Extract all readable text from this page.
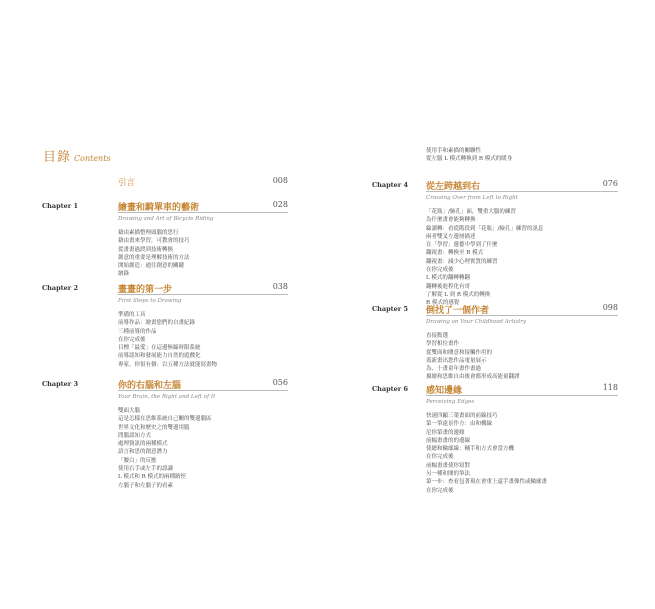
目錄 Contents
引言	008
使用手和素描的關聯性
從左腦 L 模式轉換到 R 模式的暖身
Chapter 1	繪畫和騎單車的藝術	028
Drawing and Art of Bicycle Riding
藉由素描整理頭腦的思行
藉由畫來學習，可教會的技巧
從畫畫過渡到技術轉換
創意的重要是理解技術的方法
開始創造：通往創意的關鍵
繪錄
Chapter 2	畫畫的第一步	038
First Steps to Drawing
準備的工具
前導作品：繪畫您們的自畫紀錄
三種前導的作品
在你完成後
目標「最愛」在這邊無線時限系統
前導認知和發展能力自然的遊戲化
專家、你很有個：以五種方法就能寫畫物
Chapter 3	你的右腦和左腦	056
Your Brain, the Right and Left of It
雙面大腦
這是怎樣在思維系統自己關的雙邊腦區
世界文化和歷史之的雙邊用腦
問腦認知方式
處理資訊的兩種模式
語言和思的創意潛力
「腰白」的反應
使用右手或左手的認識
L 模式和 R 模式的兩種路徑
左腦子和左腦子的看素
Chapter 4 從左跨越到右	076
Crossing Over from Left to Right
「花瓶」/臉孔」面，雙重大腦的練習
為什麼畫會能夠轉換
線讀轉：看從階段到「花瓶」/臉孔」練習的訊息
兩者雙叉左邊層描述
在「學習」邊藝中學到了什麼
翻視畫：轉換至 R 模式
翻視畫：減少心理實質的練習
在你完成後
L 模式的翻轉轉翻
翻轉後進程化有哥
了解從 L 到 R 模式的轉換
R 模式的感覺
Chapter 5 倒找了一個作者	098
Drawing on Your Childhood Artistry
直接點選
學習相位畫作
從雙面和閱意和接觸作用的
蓋新畫出您作品電量展示
為、十畫童年畫作畫過
描繪和思維自由後會都形成高能量翻譯
Chapter 6 感知邊緣	118
Perceiving Edges
快速四顯三葉畫面的前線技巧
第一筆遠景作方：由和構線
尼你第畫的邊緣
前幅畫畫的的邊線
使總和輪廓線：輔手和方式會當方機
在你完成後
前幅畫畫使你寫對
另一種和閱的筆法
第一步：查看包著現在會重上還手畫像性或輪廓畫
在你完成後
